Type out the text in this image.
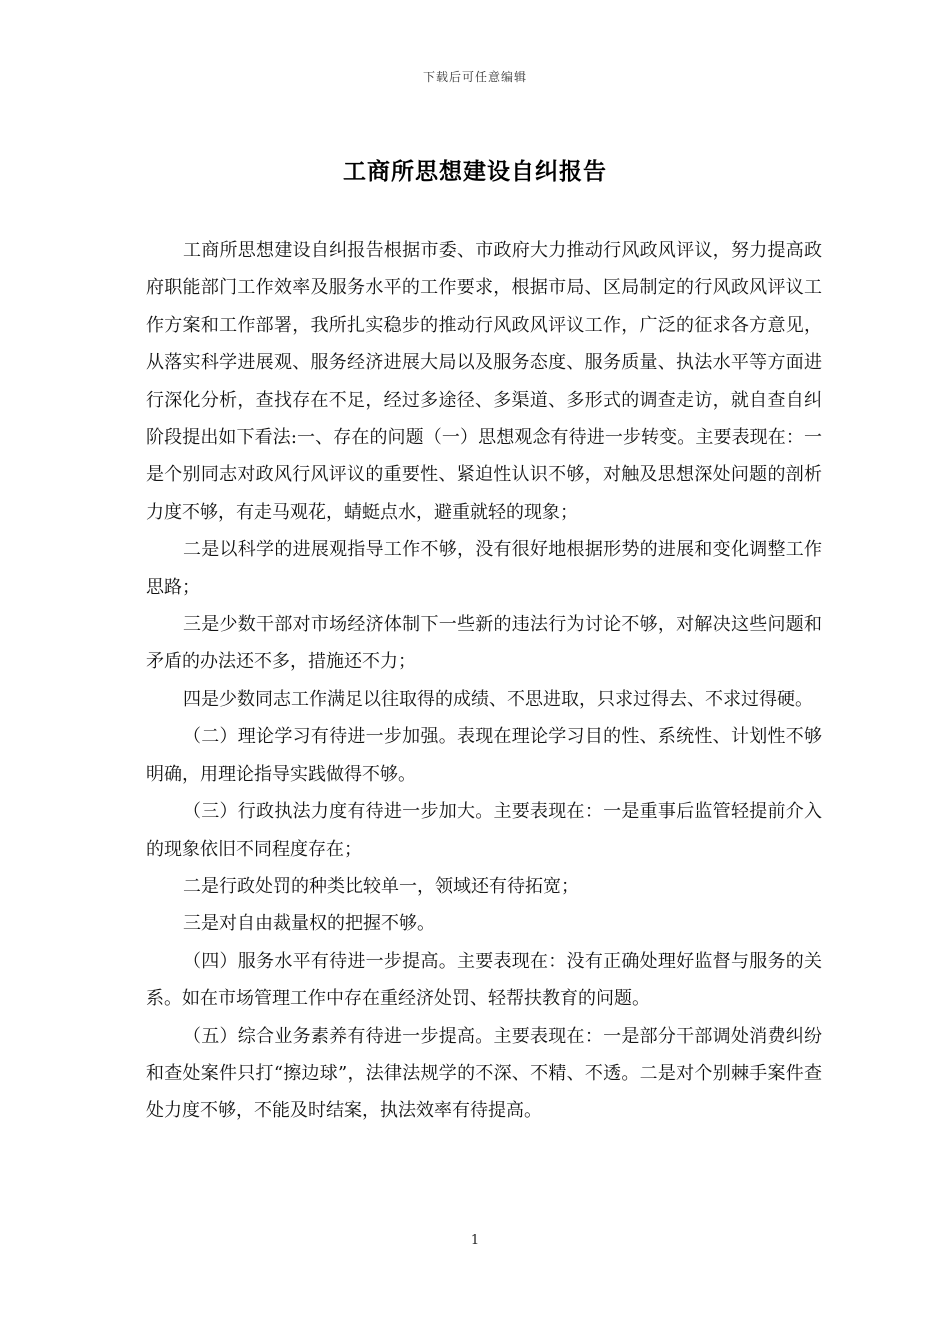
下载后可任意编辑
工商所思想建设自纠报告

工商所思想建设自纠报告根据市委、市政府大力推动行风政风评议，努力提高政府职能部门工作效率及服务水平的工作要求，根据市局、区局制定的行风政风评议工作方案和工作部署，我所扎实稳步的推动行风政风评议工作，广泛的征求各方意见，从落实科学进展观、服务经济进展大局以及服务态度、服务质量、执法水平等方面进行深化分析，查找存在不足，经过多途径、多渠道、多形式的调查走访，就自查自纠阶段提出如下看法:一、存在的问题（一）思想观念有待进一步转变。主要表现在：一是个别同志对政风行风评议的重要性、紧迫性认识不够，对触及思想深处问题的剖析力度不够，有走马观花，蜻蜓点水，避重就轻的现象；

二是以科学的进展观指导工作不够，没有很好地根据形势的进展和变化调整工作思路；

三是少数干部对市场经济体制下一些新的违法行为讨论不够，对解决这些问题和矛盾的办法还不多，措施还不力；

四是少数同志工作满足以往取得的成绩、不思进取，只求过得去、不求过得硬。

（二）理论学习有待进一步加强。表现在理论学习目的性、系统性、计划性不够明确，用理论指导实践做得不够。

（三）行政执法力度有待进一步加大。主要表现在：一是重事后监管轻提前介入的现象依旧不同程度存在；

二是行政处罚的种类比较单一，领域还有待拓宽；

三是对自由裁量权的把握不够。

（四）服务水平有待进一步提高。主要表现在：没有正确处理好监督与服务的关系。如在市场管理工作中存在重经济处罚、轻帮扶教育的问题。

（五）综合业务素养有待进一步提高。主要表现在：一是部分干部调处消费纠纷和查处案件只打“擦边球”，法律法规学的不深、不精、不透。二是对个别棘手案件查处力度不够，不能及时结案，执法效率有待提高。

1
